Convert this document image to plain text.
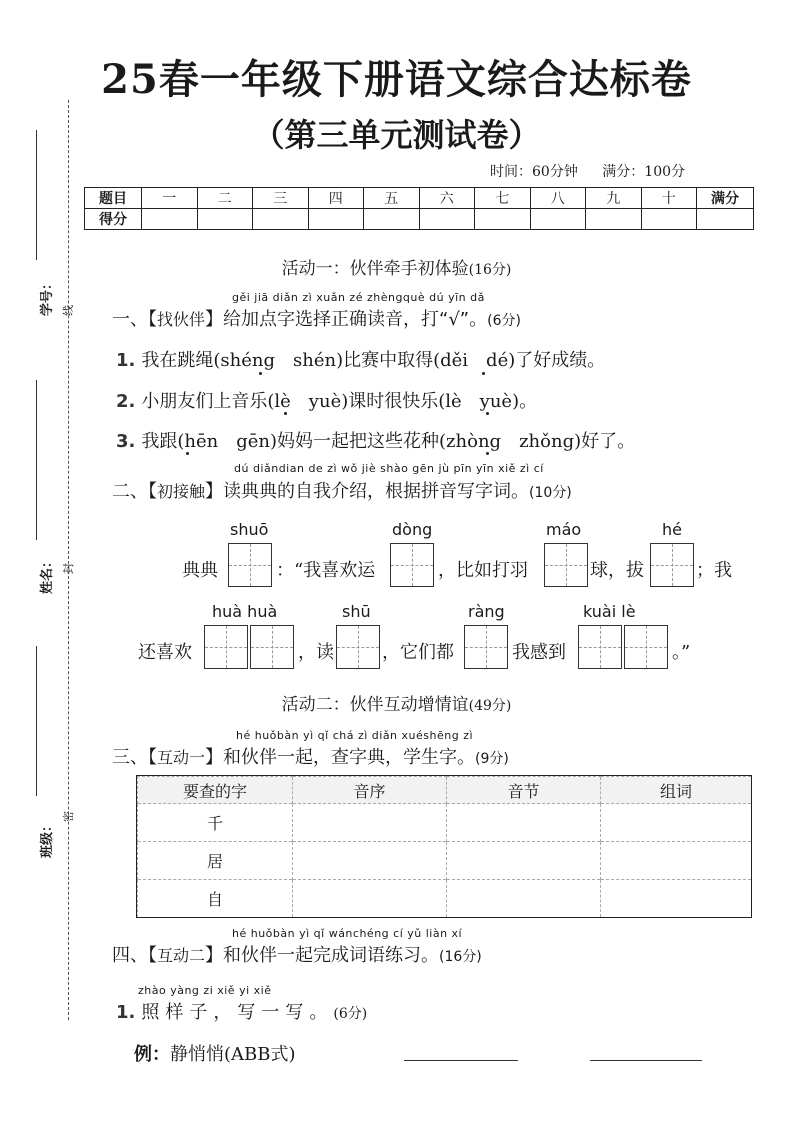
25春一年级下册语文综合达标卷
（第三单元测试卷）
时间：60分钟 满分：100分
题目	一	二	三	四	五	六	七	八	九	十	满分
得分											
学号： 线
姓名： 封
班级：
密
活动一：伙伴牵手初体验(16分)
gěi jiā diǎn zì xuǎn zé zhèngquè dú yīn dǎ
一、【找伙伴】给加点字选择正确读音，打“√”。(6分)
1. 我在跳绳(shéng　shén)比赛中取得(děi　dé)了好成绩。
2. 小朋友们上音乐(lè　yuè)课时很快乐(lè　yuè)。
3. 我跟(hēn　gēn)妈妈一起把这些花种(zhòng　zhǒng)好了。
dú diǎndian de zì wǒ jiè shào gēn jù pīn yīn xiě zì cí
二、【初接触】读典典的自我介绍，根据拼音写字词。(10分)
shuō	dòng	máo	hé
典典	：“我喜欢运	，比如打羽	球，拔	；我
huà huà	shū	ràng	kuài lè
还喜欢	，读	，它们都	我感到	。”
活动二：伙伴互动增情谊(49分)
hé huǒbàn yì qǐ chá zì diǎn xuéshēng zì
三、【互动一】和伙伴一起，查字典，学生字。(9分)
要查的字	音序	音节	组词
千			
居			
自			
hé huǒbàn yì qǐ wánchéng cí yǔ liàn xí
四、【互动二】和伙伴一起完成词语练习。(16分)
zhào yàng zi xiě yi xiě
1. 照样子，写一写。(6分)
例：静悄悄(ABB式)
